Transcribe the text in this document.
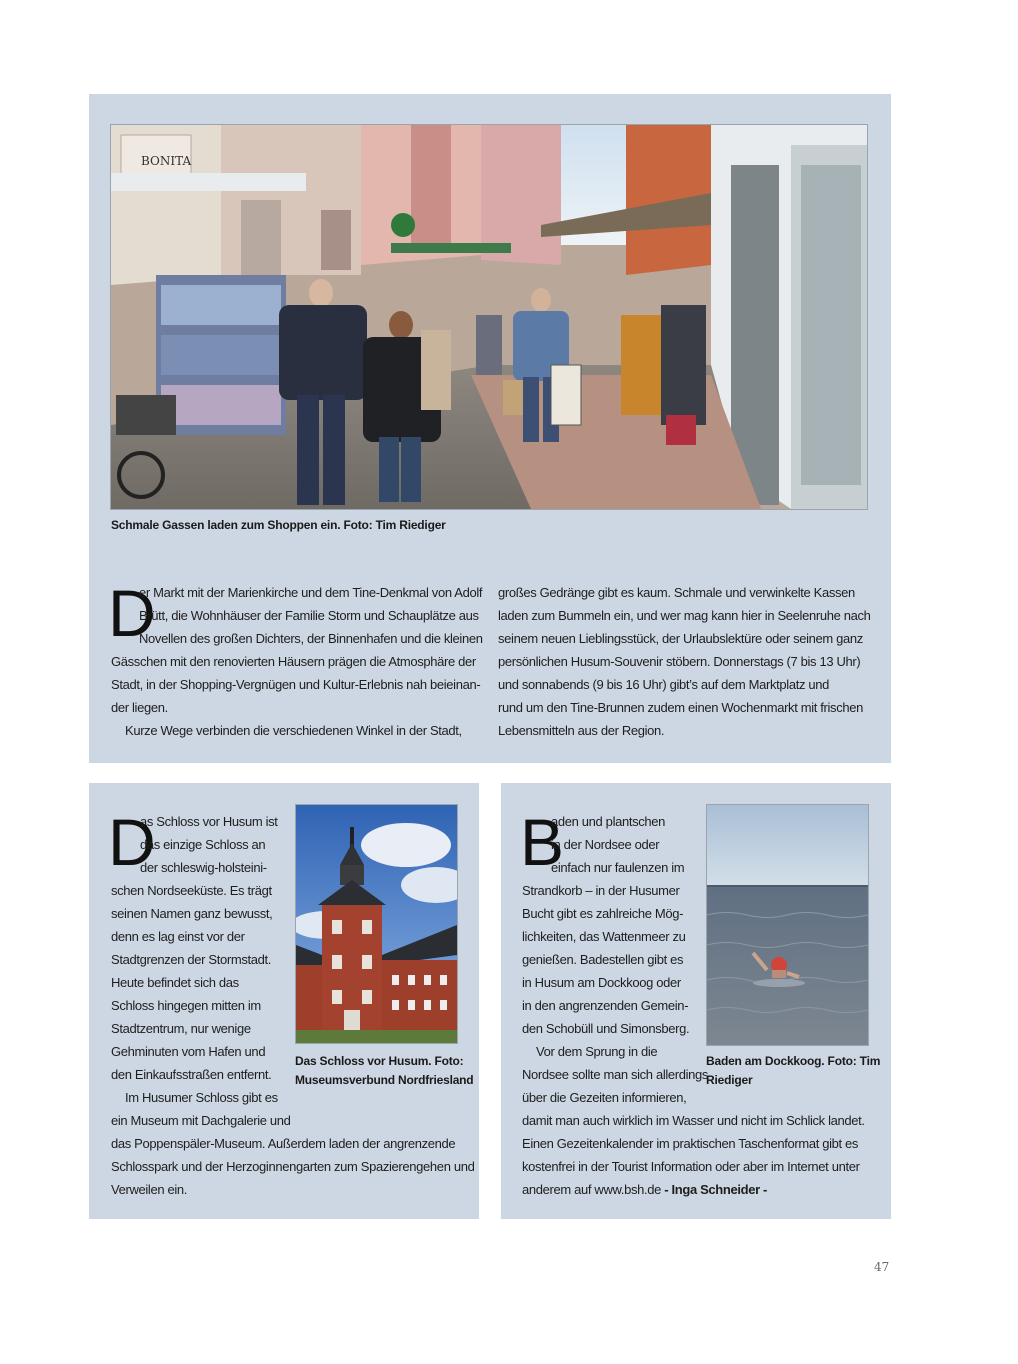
BONITA
Schmale Gassen laden zum Shoppen ein. Foto: Tim Riediger
D
er Markt mit der Marienkirche und dem Tine-Denkmal von Adolf
Brütt, die Wohnhäuser der Familie Storm und Schauplätze aus
Novellen des großen Dichters, der Binnenhafen und die kleinen
Gässchen mit den renovierten Häusern prägen die Atmosphäre der
Stadt, in der Shopping-Vergnügen und Kultur-Erlebnis nah beieinan-
der liegen.
Kurze Wege verbinden die verschiedenen Winkel in der Stadt,
großes Gedränge gibt es kaum. Schmale und verwinkelte Kassen
laden zum Bummeln ein, und wer mag kann hier in Seelenruhe nach
seinem neuen Lieblingsstück, der Urlaubslektüre oder seinem ganz
persönlichen Husum-Souvenir stöbern. Donnerstags (7 bis 13 Uhr)
und sonnabends (9 bis 16 Uhr) gibt’s auf dem Marktplatz und
rund um den Tine-Brunnen zudem einen Wochenmarkt mit frischen
Lebensmitteln aus der Region.
Das Schloss vor Husum. Foto:
Museumsverbund Nordfriesland
D
as Schloss vor Husum ist
das einzige Schloss an
der schleswig-holsteini-
schen Nordseeküste. Es trägt
seinen Namen ganz bewusst,
denn es lag einst vor der
Stadtgrenzen der Stormstadt.
Heute befindet sich das
Schloss hingegen mitten im
Stadtzentrum, nur wenige
Gehminuten vom Hafen und
den Einkaufsstraßen entfernt.
Im Husumer Schloss gibt es
ein Museum mit Dachgalerie und
das Poppenspäler-Museum. Außerdem laden der angrenzende
Schlosspark und der Herzoginnengarten zum Spazierengehen und
Verweilen ein.
Baden am Dockkoog. Foto: Tim
Riediger
B
aden und plantschen
in der Nordsee oder
einfach nur faulenzen im
Strandkorb – in der Husumer
Bucht gibt es zahlreiche Mög-
lichkeiten, das Wattenmeer zu
genießen. Badestellen gibt es
in Husum am Dockkoog oder
in den angrenzenden Gemein-
den Schobüll und Simonsberg.
Vor dem Sprung in die
Nordsee sollte man sich allerdings
über die Gezeiten informieren,
damit man auch wirklich im Wasser und nicht im Schlick landet.
Einen Gezeitenkalender im praktischen Taschenformat gibt es
kostenfrei in der Tourist Information oder aber im Internet unter
anderem auf www.bsh.de - Inga Schneider -
47
